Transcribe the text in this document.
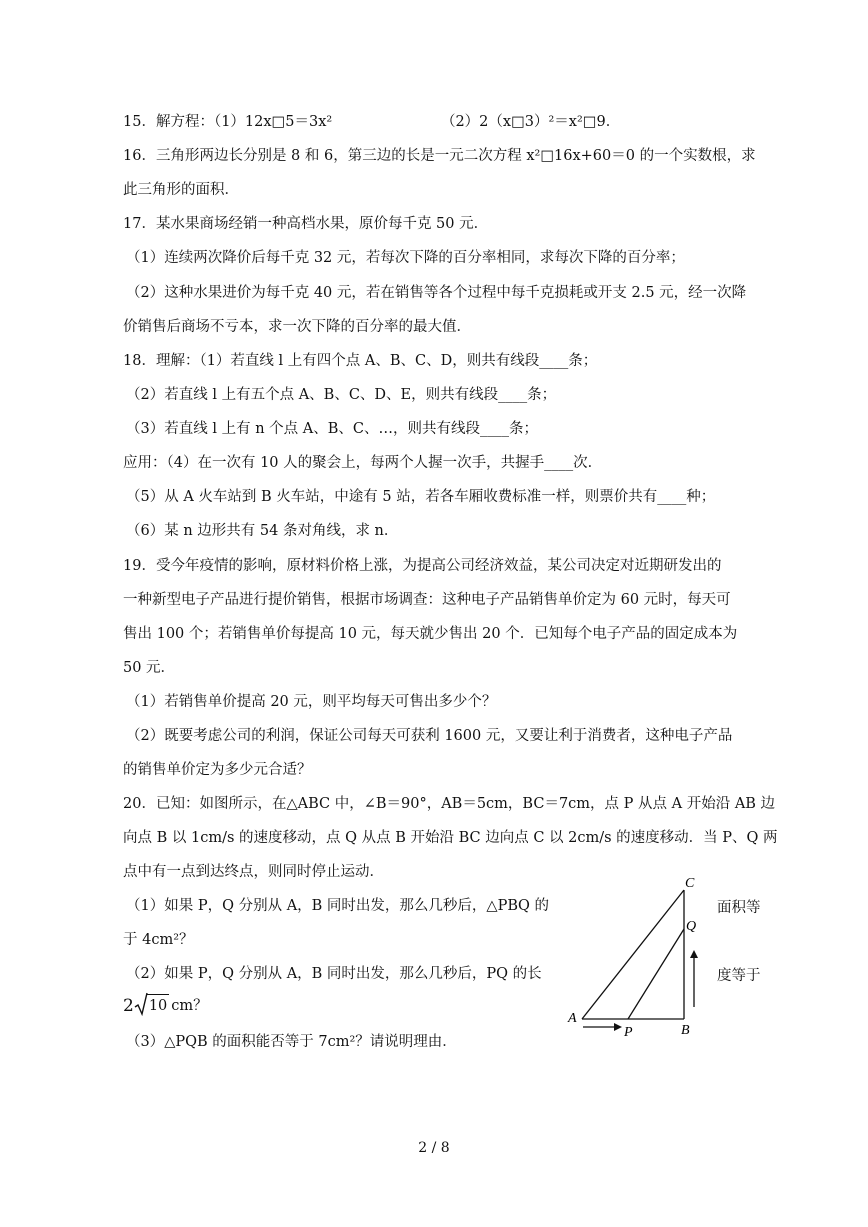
15．解方程：（1）12x□5＝3x²　　　　　　　　（2）2（x□3）²＝x²□9．
16．三角形两边长分别是 8 和 6，第三边的长是一元二次方程 x²□16x+60＝0 的一个实数根，求
此三角形的面积．
17．某水果商场经销一种高档水果，原价每千克 50 元．
（1）连续两次降价后每千克 32 元，若每次下降的百分率相同，求每次下降的百分率；
（2）这种水果进价为每千克 40 元，若在销售等各个过程中每千克损耗或开支 2.5 元，经一次降
价销售后商场不亏本，求一次下降的百分率的最大值．
18．理解：（1）若直线 l 上有四个点 A、B、C、D，则共有线段____条；
（2）若直线 l 上有五个点 A、B、C、D、E，则共有线段____条；
（3）若直线 l 上有 n 个点 A、B、C、…，则共有线段____条；
应用：（4）在一次有 10 人的聚会上，每两个人握一次手，共握手____次．
（5）从 A 火车站到 B 火车站，中途有 5 站，若各车厢收费标准一样，则票价共有____种；
（6）某 n 边形共有 54 条对角线，求 n．
19．受今年疫情的影响，原材料价格上涨，为提高公司经济效益，某公司决定对近期研发出的
一种新型电子产品进行提价销售，根据市场调查：这种电子产品销售单价定为 60 元时，每天可
售出 100 个；若销售单价每提高 10 元，每天就少售出 20 个．已知每个电子产品的固定成本为
50 元．
（1）若销售单价提高 20 元，则平均每天可售出多少个？
（2）既要考虑公司的利润，保证公司每天可获利 1600 元，又要让利于消费者，这种电子产品
的销售单价定为多少元合适？
20．已知：如图所示，在△ABC 中，∠B＝90°，AB＝5cm，BC＝7cm，点 P 从点 A 开始沿 AB 边
向点 B 以 1cm/s 的速度移动，点 Q 从点 B 开始沿 BC 边向点 C 以 2cm/s 的速度移动．当 P、Q 两
点中有一点到达终点，则同时停止运动．
（1）如果 P，Q 分别从 A，B 同时出发，那么几秒后，△PBQ 的	面积等
于 4cm²？
（2）如果 P，Q 分别从 A，B 同时出发，那么几秒后，PQ 的长	度等于
2 10 cm？
（3）△PQB 的面积能否等于 7cm²？请说明理由．
A
B
C
P
Q
2 / 8
